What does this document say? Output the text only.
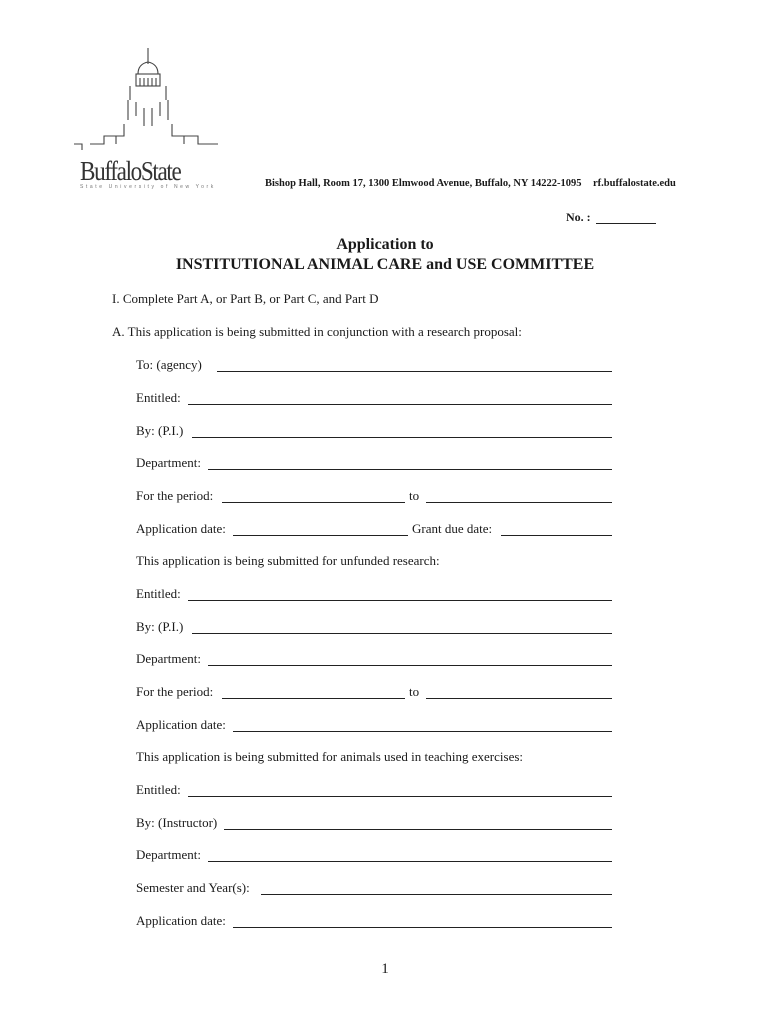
BuffaloState
State University of New York	Bishop Hall, Room 17, 1300 Elmwood Avenue, Buffalo, NY 14222-1095 rf.buffalostate.edu
No. :
Application to
INSTITUTIONAL ANIMAL CARE and USE COMMITTEE
I. Complete Part A, or Part B, or Part C, and Part D
A. This application is being submitted in conjunction with a research proposal:
To: (agency)
Entitled:
By: (P.I.)
Department:
For the period:	to
Application date:	Grant due date:
This application is being submitted for unfunded research:
Entitled:
By: (P.I.)
Department:
For the period:	to
Application date:
This application is being submitted for animals used in teaching exercises:
Entitled:
By: (Instructor)
Department:
Semester and Year(s):
Application date:
1
